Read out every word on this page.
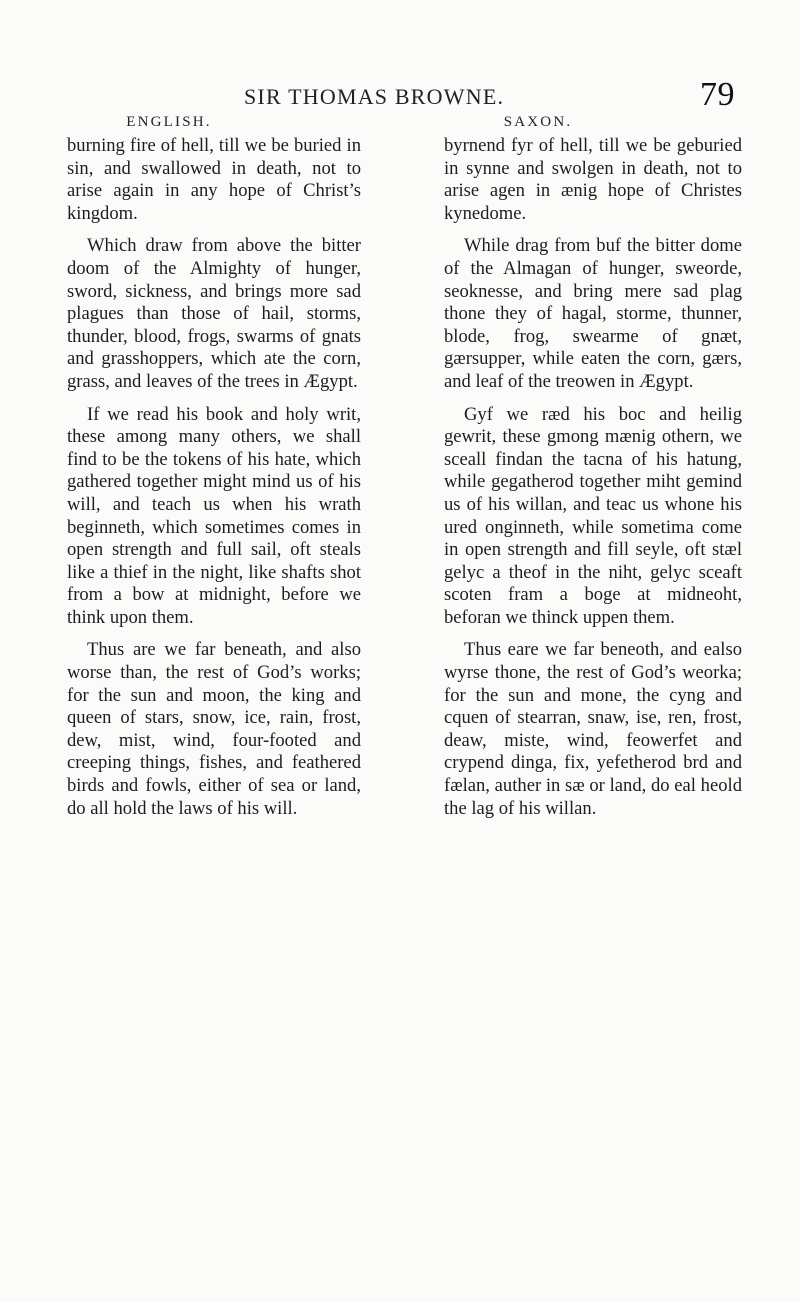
SIR THOMAS BROWNE.	79
ENGLISH.

burning fire of hell, till we be buried in sin, and swallowed in death, not to arise again in any hope of Christ’s kingdom.

Which draw from above the bitter doom of the Almighty of hunger, sword, sickness, and brings more sad plagues than those of hail, storms, thunder, blood, frogs, swarms of gnats and grasshoppers, which ate the corn, grass, and leaves of the trees in Ægypt.

If we read his book and holy writ, these among many others, we shall find to be the tokens of his hate, which gathered together might mind us of his will, and teach us when his wrath beginneth, which sometimes comes in open strength and full sail, oft steals like a thief in the night, like shafts shot from a bow at midnight, before we think upon them.

Thus are we far beneath, and also worse than, the rest of God’s works; for the sun and moon, the king and queen of stars, snow, ice, rain, frost, dew, mist, wind, four-footed and creeping things, fishes, and feathered birds and fowls, either of sea or land, do all hold the laws of his will.

SAXON.

byrnend fyr of hell, till we be geburied in synne and swolgen in death, not to arise agen in ænig hope of Christes kynedome.

While drag from buf the bitter dome of the Almagan of hunger, sweorde, seoknesse, and bring mere sad plag thone they of hagal, storme, thunner, blode, frog, swearme of gnæt, gærsupper, while eaten the corn, gærs, and leaf of the treowen in Ægypt.

Gyf we ræd his boc and heilig gewrit, these gmong mænig othern, we sceall findan the tacna of his hatung, while gegatherod together miht gemind us of his willan, and teac us whone his ured onginneth, while sometima come in open strength and fill seyle, oft stæl gelyc a theof in the niht, gelyc sceaft scoten fram a boge at midneoht, beforan we thinck uppen them.

Thus eare we far beneoth, and ealso wyrse thone, the rest of God’s weorka; for the sun and mone, the cyng and cquen of stearran, snaw, ise, ren, frost, deaw, miste, wind, feowerfet and crypend dinga, fix, yefetherod brd and fælan, auther in sæ or land, do eal heold the lag of his willan.
